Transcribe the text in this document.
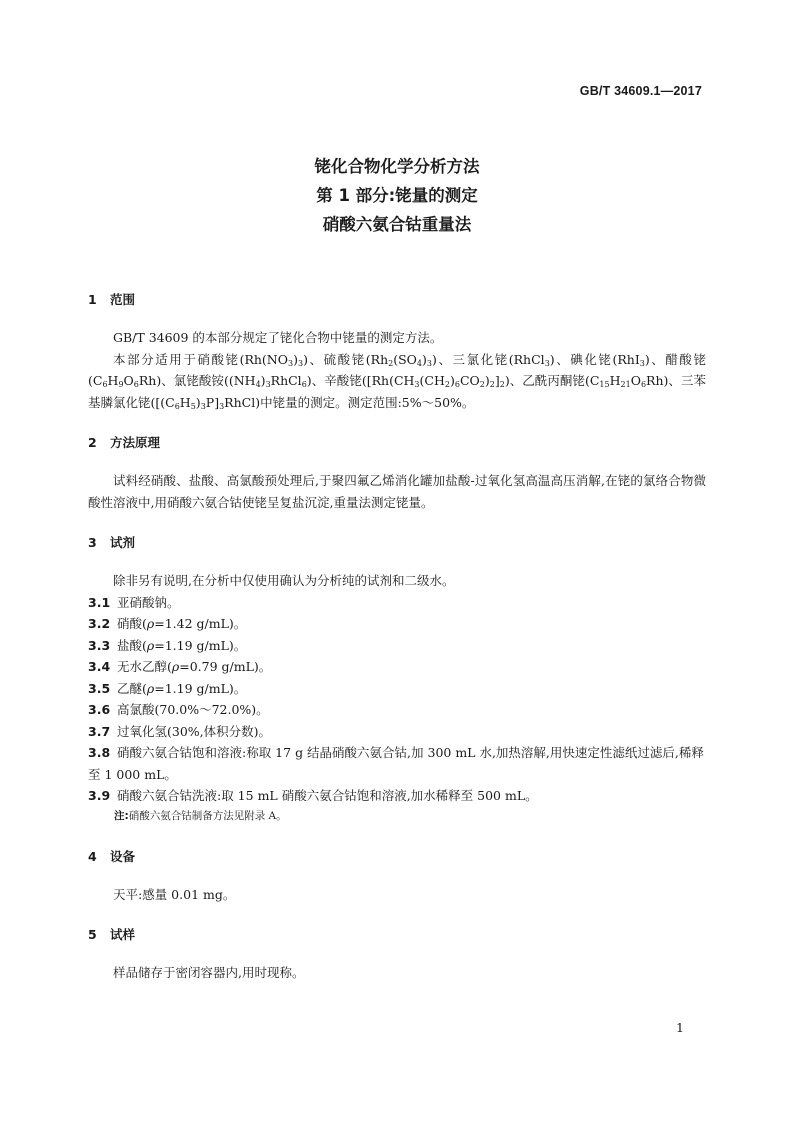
GB/T 34609.1—2017
铑化合物化学分析方法
第 1 部分:铑量的测定
硝酸六氨合钴重量法
1 范围
GB/T 34609 的本部分规定了铑化合物中铑量的测定方法。
本部分适用于硝酸铑$(Rh(NO_3)_3)$、硫酸铑$(Rh_2(SO_4)_3)$、三氯化铑(RhCl$_3$)、碘化铑(RhI$_3$)、醋酸铑$(C_6H_9O_6Rh)$、氯铑酸铵$((NH_4)_3RhCl_6)$、辛酸铑$([Rh(CH_3(CH_2)_6CO_2)_2]_2)$、乙酰丙酮铑$(C_{15}H_{21}O_6Rh)$、三苯基膦氯化铑$([(C_6H_5)_3P]_3RhCl)$中铑量的测定。测定范围:5%～50%。
2 方法原理
试料经硝酸、盐酸、高氯酸预处理后,于聚四氟乙烯消化罐加盐酸-过氧化氢高温高压消解,在铑的氯络合物微酸性溶液中,用硝酸六氨合钴使铑呈复盐沉淀,重量法测定铑量。
3 试剂
除非另有说明,在分析中仅使用确认为分析纯的试剂和二级水。
3.1 亚硝酸钠。
3.2 硝酸(ρ=1.42 g/mL)。
3.3 盐酸(ρ=1.19 g/mL)。
3.4 无水乙醇(ρ=0.79 g/mL)。
3.5 乙醚(ρ=1.19 g/mL)。
3.6 高氯酸(70.0%～72.0%)。
3.7 过氧化氢(30%,体积分数)。
3.8 硝酸六氨合钴饱和溶液:称取 17 g 结晶硝酸六氨合钴,加 300 mL 水,加热溶解,用快速定性滤纸过滤后,稀释至 1 000 mL。
3.9 硝酸六氨合钴洗液:取 15 mL 硝酸六氨合钴饱和溶液,加水稀释至 500 mL。
注:硝酸六氨合钴制备方法见附录 A。
4 设备
天平:感量 0.01 mg。
5 试样
样品储存于密闭容器内,用时现称。
1
